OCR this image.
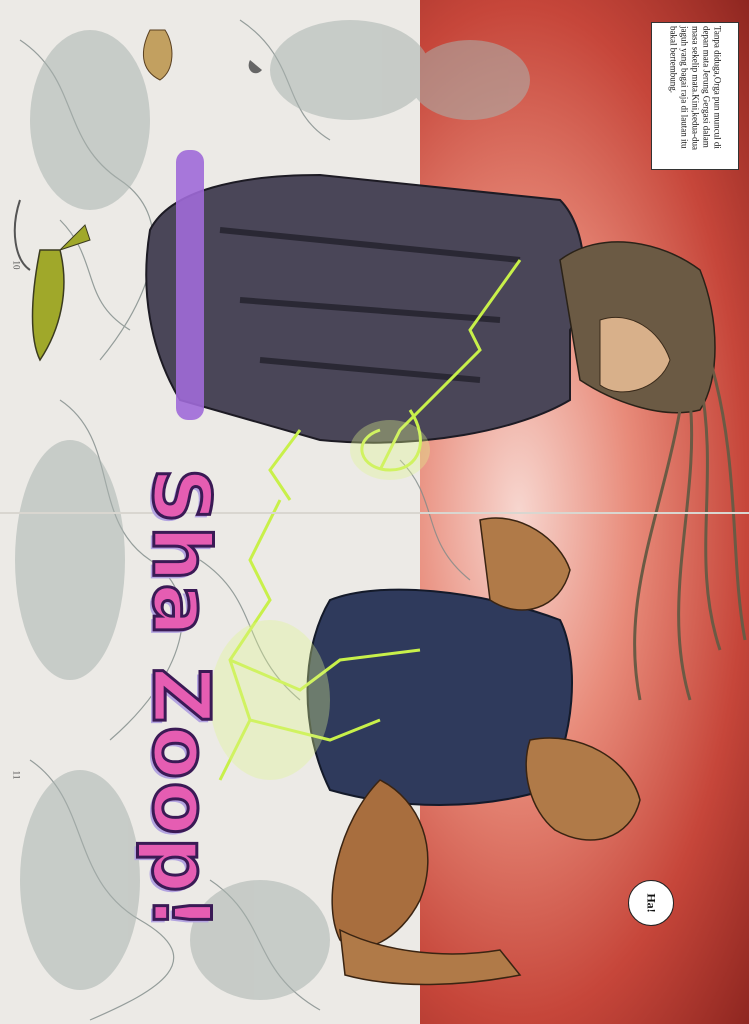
Tanpa diduga,Orga pun muncul di depan mata Jerung Gergasi dalam masa sekelip mata.Kini,kedua-dua jaguh yang bagai raja di lautan itu bakal bertembung.
Ha!
Sha Zoop!
10
11
